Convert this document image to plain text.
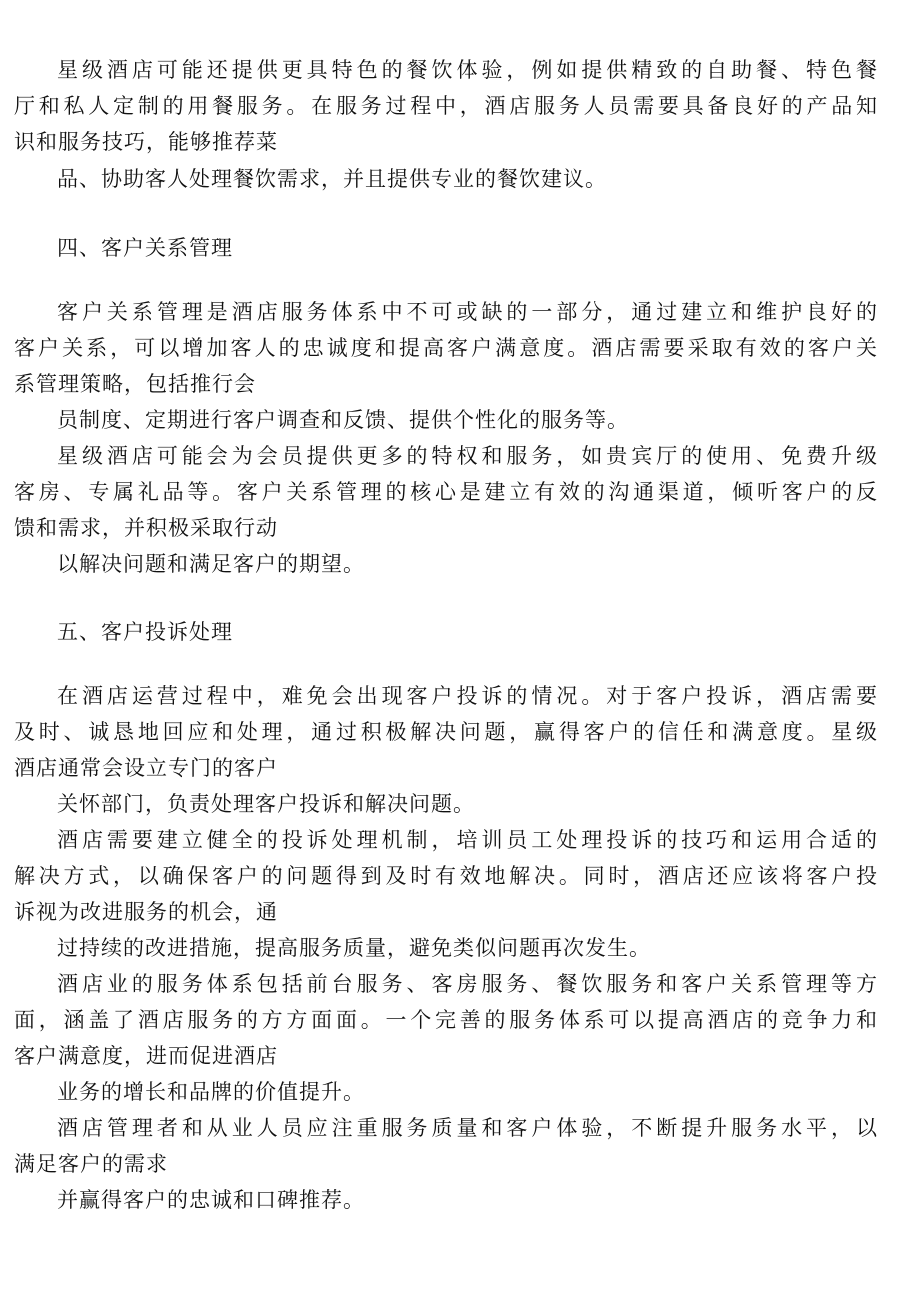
星级酒店可能还提供更具特色的餐饮体验，例如提供精致的自助餐、特色餐
厅和私人定制的用餐服务。在服务过程中，酒店服务人员需要具备良好的产品知
识和服务技巧，能够推荐菜
品、协助客人处理餐饮需求，并且提供专业的餐饮建议。
四、客户关系管理
客户关系管理是酒店服务体系中不可或缺的一部分，通过建立和维护良好的
客户关系，可以增加客人的忠诚度和提高客户满意度。酒店需要采取有效的客户关
系管理策略，包括推行会
员制度、定期进行客户调查和反馈、提供个性化的服务等。
星级酒店可能会为会员提供更多的特权和服务，如贵宾厅的使用、免费升级
客房、专属礼品等。客户关系管理的核心是建立有效的沟通渠道，倾听客户的反
馈和需求，并积极采取行动
以解决问题和满足客户的期望。
五、客户投诉处理
在酒店运营过程中，难免会出现客户投诉的情况。对于客户投诉，酒店需要
及时、诚恳地回应和处理，通过积极解决问题，赢得客户的信任和满意度。星级
酒店通常会设立专门的客户
关怀部门，负责处理客户投诉和解决问题。
酒店需要建立健全的投诉处理机制，培训员工处理投诉的技巧和运用合适的
解决方式，以确保客户的问题得到及时有效地解决。同时，酒店还应该将客户投
诉视为改进服务的机会，通
过持续的改进措施，提高服务质量，避免类似问题再次发生。
酒店业的服务体系包括前台服务、客房服务、餐饮服务和客户关系管理等方
面，涵盖了酒店服务的方方面面。一个完善的服务体系可以提高酒店的竞争力和
客户满意度，进而促进酒店
业务的增长和品牌的价值提升。
酒店管理者和从业人员应注重服务质量和客户体验，不断提升服务水平，以
满足客户的需求
并赢得客户的忠诚和口碑推荐。
